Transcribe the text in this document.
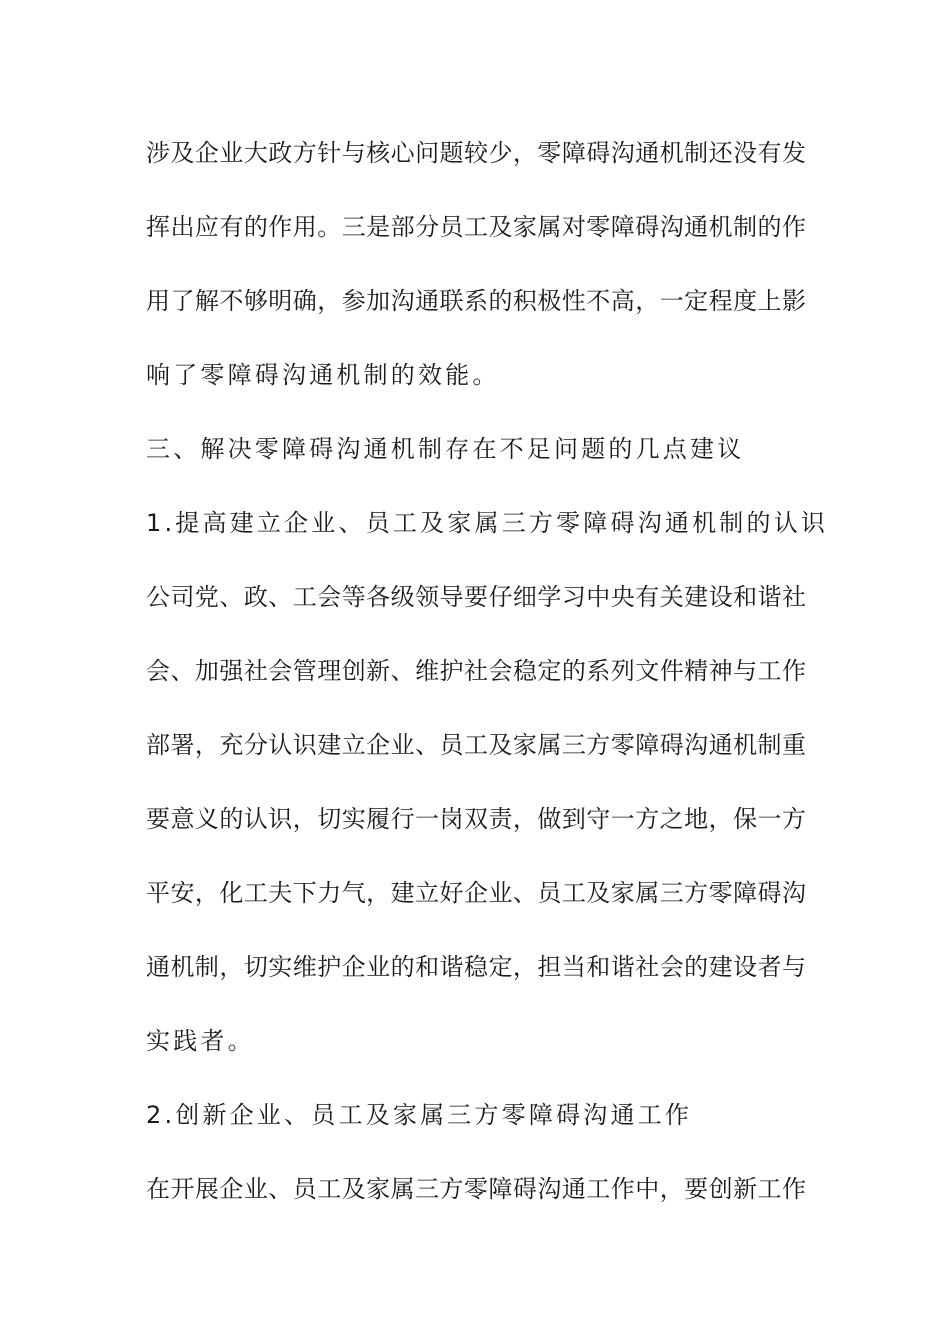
涉及企业大政方针与核心问题较少，零障碍沟通机制还没有发
挥出应有的作用。三是部分员工及家属对零障碍沟通机制的作
用了解不够明确，参加沟通联系的积极性不高，一定程度上影
响了零障碍沟通机制的效能。
三、解决零障碍沟通机制存在不足问题的几点建议
1.提高建立企业、员工及家属三方零障碍沟通机制的认识
公司党、政、工会等各级领导要仔细学习中央有关建设和谐社
会、加强社会管理创新、维护社会稳定的系列文件精神与工作
部署，充分认识建立企业、员工及家属三方零障碍沟通机制重
要意义的认识，切实履行一岗双责，做到守一方之地，保一方
平安，化工夫下力气，建立好企业、员工及家属三方零障碍沟
通机制，切实维护企业的和谐稳定，担当和谐社会的建设者与
实践者。
2.创新企业、员工及家属三方零障碍沟通工作
在开展企业、员工及家属三方零障碍沟通工作中，要创新工作
